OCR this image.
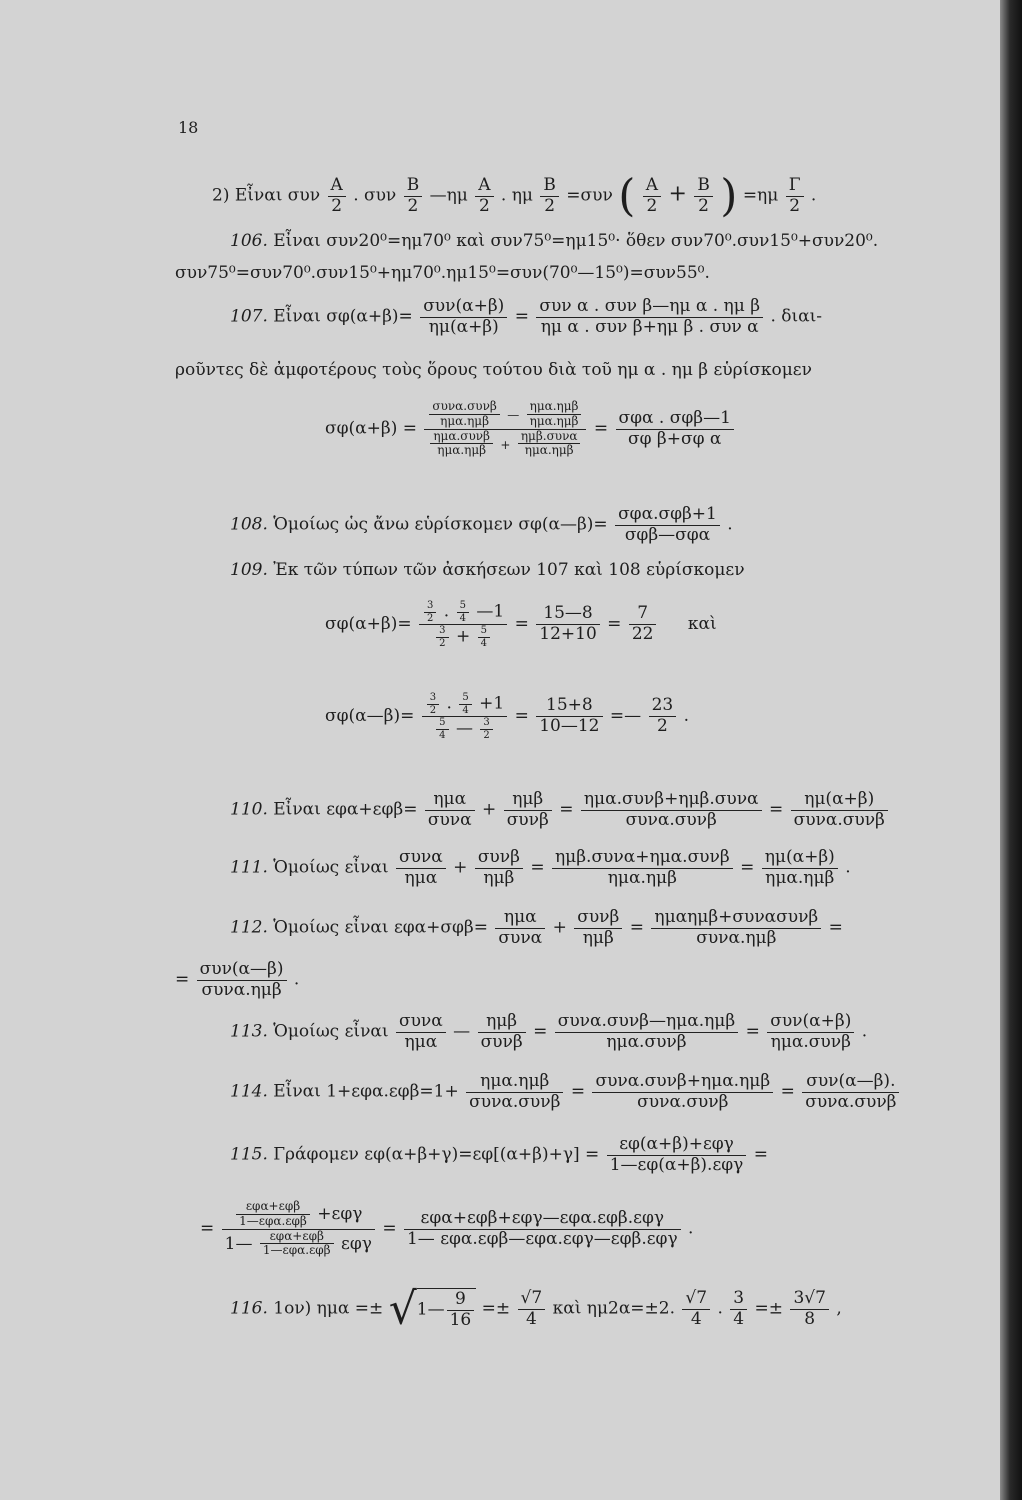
18
2) Εἶναι συν $\frac{A}{2}$ . συν $\frac{B}{2}$ —ημ $\frac{A}{2}$ . ημ $\frac{B}{2} =\sigma\upsilon\nu$ ( $\frac{A}{2} + \frac{B}{2}$ ) $=\eta\mu \frac{\Gamma}{2}$ .
106. Εἶναι συν20⁰=ημ70⁰ καὶ συν75⁰=ημ15⁰· ὅθεν συν70⁰.συν15⁰+συν20⁰.
συν75⁰=συν70⁰.συν15⁰+ημ70⁰.ημ15⁰=συν(70⁰—15⁰)=συν55⁰.
107. Εἶναι σφ(α+β)=
συν(α+β)
ημ(α+β) =
συν α . συν β—ημ α . ημ β
ημ α . συν β+ημ β . συν α . διαι-
ροῦντες δὲ ἀμφοτέρους τοὺς ὅρους τούτου διὰ τοῦ ημ α . ημ β εὑρίσκομεν
σφ(α+β) =
συνα.συνβ
ημα.ημβ	—
ημα.ημβ
ημα.ημβ
ημα.συνβ
ημα.ημβ	+
ημβ.συνα
ημα.ημβ
=
σφα . σφβ—1
σφ β+σφ α
108. Ὁμοίως ὡς ἄνω εὑρίσκομεν σφ(α—β)=
σφα.σφβ+1
σφβ—σφα	.
109. Ἐκ τῶν τύπων τῶν ἀσκήσεων 107 καὶ 108 εὑρίσκομεν
$\sigma\varphi(\alpha+\beta)= \frac{\frac{3}{2} . \frac{5}{4} —1}{\frac{3}{2} + \frac{5}{4}} = \frac{15—8}{12+10} = \frac{7}{22}$ καὶ
σφ(α—β)= $\frac{\frac{3}{2} . \frac{5}{4} +1}{\frac{5}{4} — \frac{3}{2}} = \frac{15+8}{10—12}$ =— $\frac{23}{2}$ .
110. Εἶναι εφα+εφβ=
ημα
συνα +
ημβ
συνβ =
ημα.συνβ+ημβ.συνα
συνα.συνβ	=
ημ(α+β)
συνα.συνβ
111. Ὁμοίως εἶναι
συνα
ημα +
συνβ
ημβ =
ημβ.συνα+ημα.συνβ
ημα.ημβ	=
ημ(α+β)
ημα.ημβ .
112. Ὁμοίως εἶναι εφα+σφβ=
ημα
συνα +
συνβ
ημβ =
ημαημβ+συνασυνβ
συνα.ημβ	=
=
συν(α—β)
συνα.ημβ .
113. Ὁμοίως εἶναι
συνα
ημα —
ημβ
συνβ =
συνα.συνβ—ημα.ημβ
ημα.συνβ	=
συν(α+β)
ημα.συνβ .
114. Εἶναι 1+εφα.εφβ=1+
ημα.ημβ
συνα.συνβ =
συνα.συνβ+ημα.ημβ
συνα.συνβ	=
συν(α—β).
συνα.συνβ
115. Γράφομεν εφ(α+β+γ)=εφ[(α+β)+γ] =
εφ(α+β)+εφγ
1—εφ(α+β).εφγ =
=
εφα+εφβ
1—εφα.εφβ +εφγ
1—	εφα+εφβ
1—εφα.εφβ εφγ
=
εφα+εφβ+εφγ—εφα.εφβ.εφγ
1— εφα.εφβ—εφα.εφγ—εφβ.εφγ .
116. 1ον) ημα =± √1— $\frac{9}{16} =\pm \frac{√7}{4}$ καὶ ημ2α=±2. $\frac{√7}{4}$ . $\frac{3}{4} =\pm \frac{3√7}{8}$ ,
